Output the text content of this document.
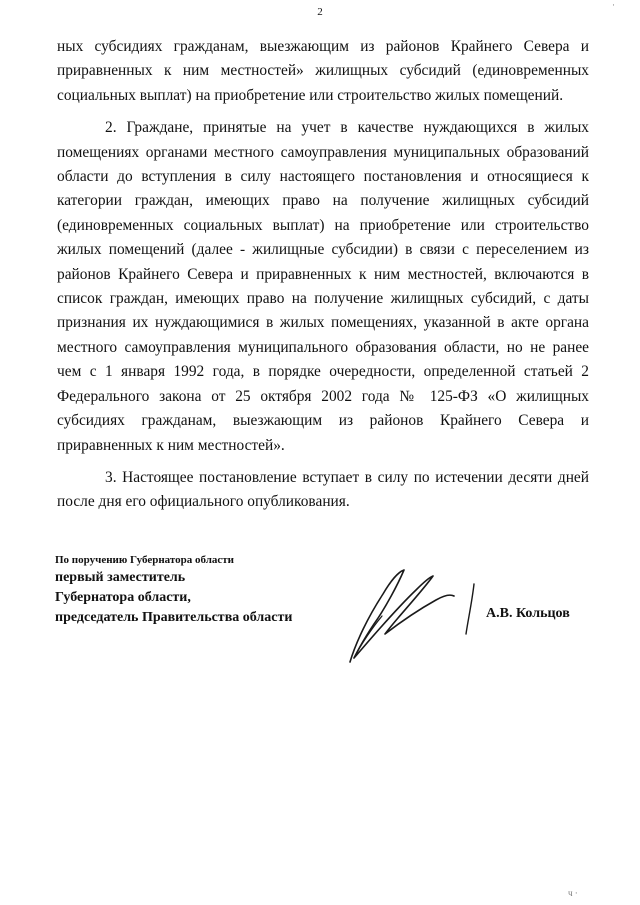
2
·

ных субсидиях гражданам, выезжающим из районов Крайнего Севера и приравненных к ним местностей» жилищных субсидий (единовременных социальных выплат) на приобретение или строительство жилых помещений.

2. Граждане, принятые на учет в качестве нуждающихся в жилых помещениях органами местного самоуправления муниципальных образований области до вступления в силу настоящего постановления и относящиеся к категории граждан, имеющих право на получение жилищных субсидий (единовременных социальных выплат) на приобретение или строительство жилых помещений (далее - жилищные субсидии) в связи с переселением из районов Крайнего Севера и приравненных к ним местностей, включаются в список граждан, имеющих право на получение жилищных субсидий, с даты признания их нуждающимися в жилых помещениях, указанной в акте органа местного самоуправления муниципального образования области, но не ранее чем с 1 января 1992 года, в порядке очередности, определенной статьей 2 Федерального закона от 25 октября 2002 года № 125-ФЗ «О жилищных субсидиях гражданам, выезжающим из районов Крайнего Севера и приравненных к ним местностей».

3. Настоящее постановление вступает в силу по истечении десяти дней после дня его официального опубликования.

По поручению Губернатора области
первый заместитель
Губернатора области,
председатель Правительства области	А.В. Кольцов
ч ·
